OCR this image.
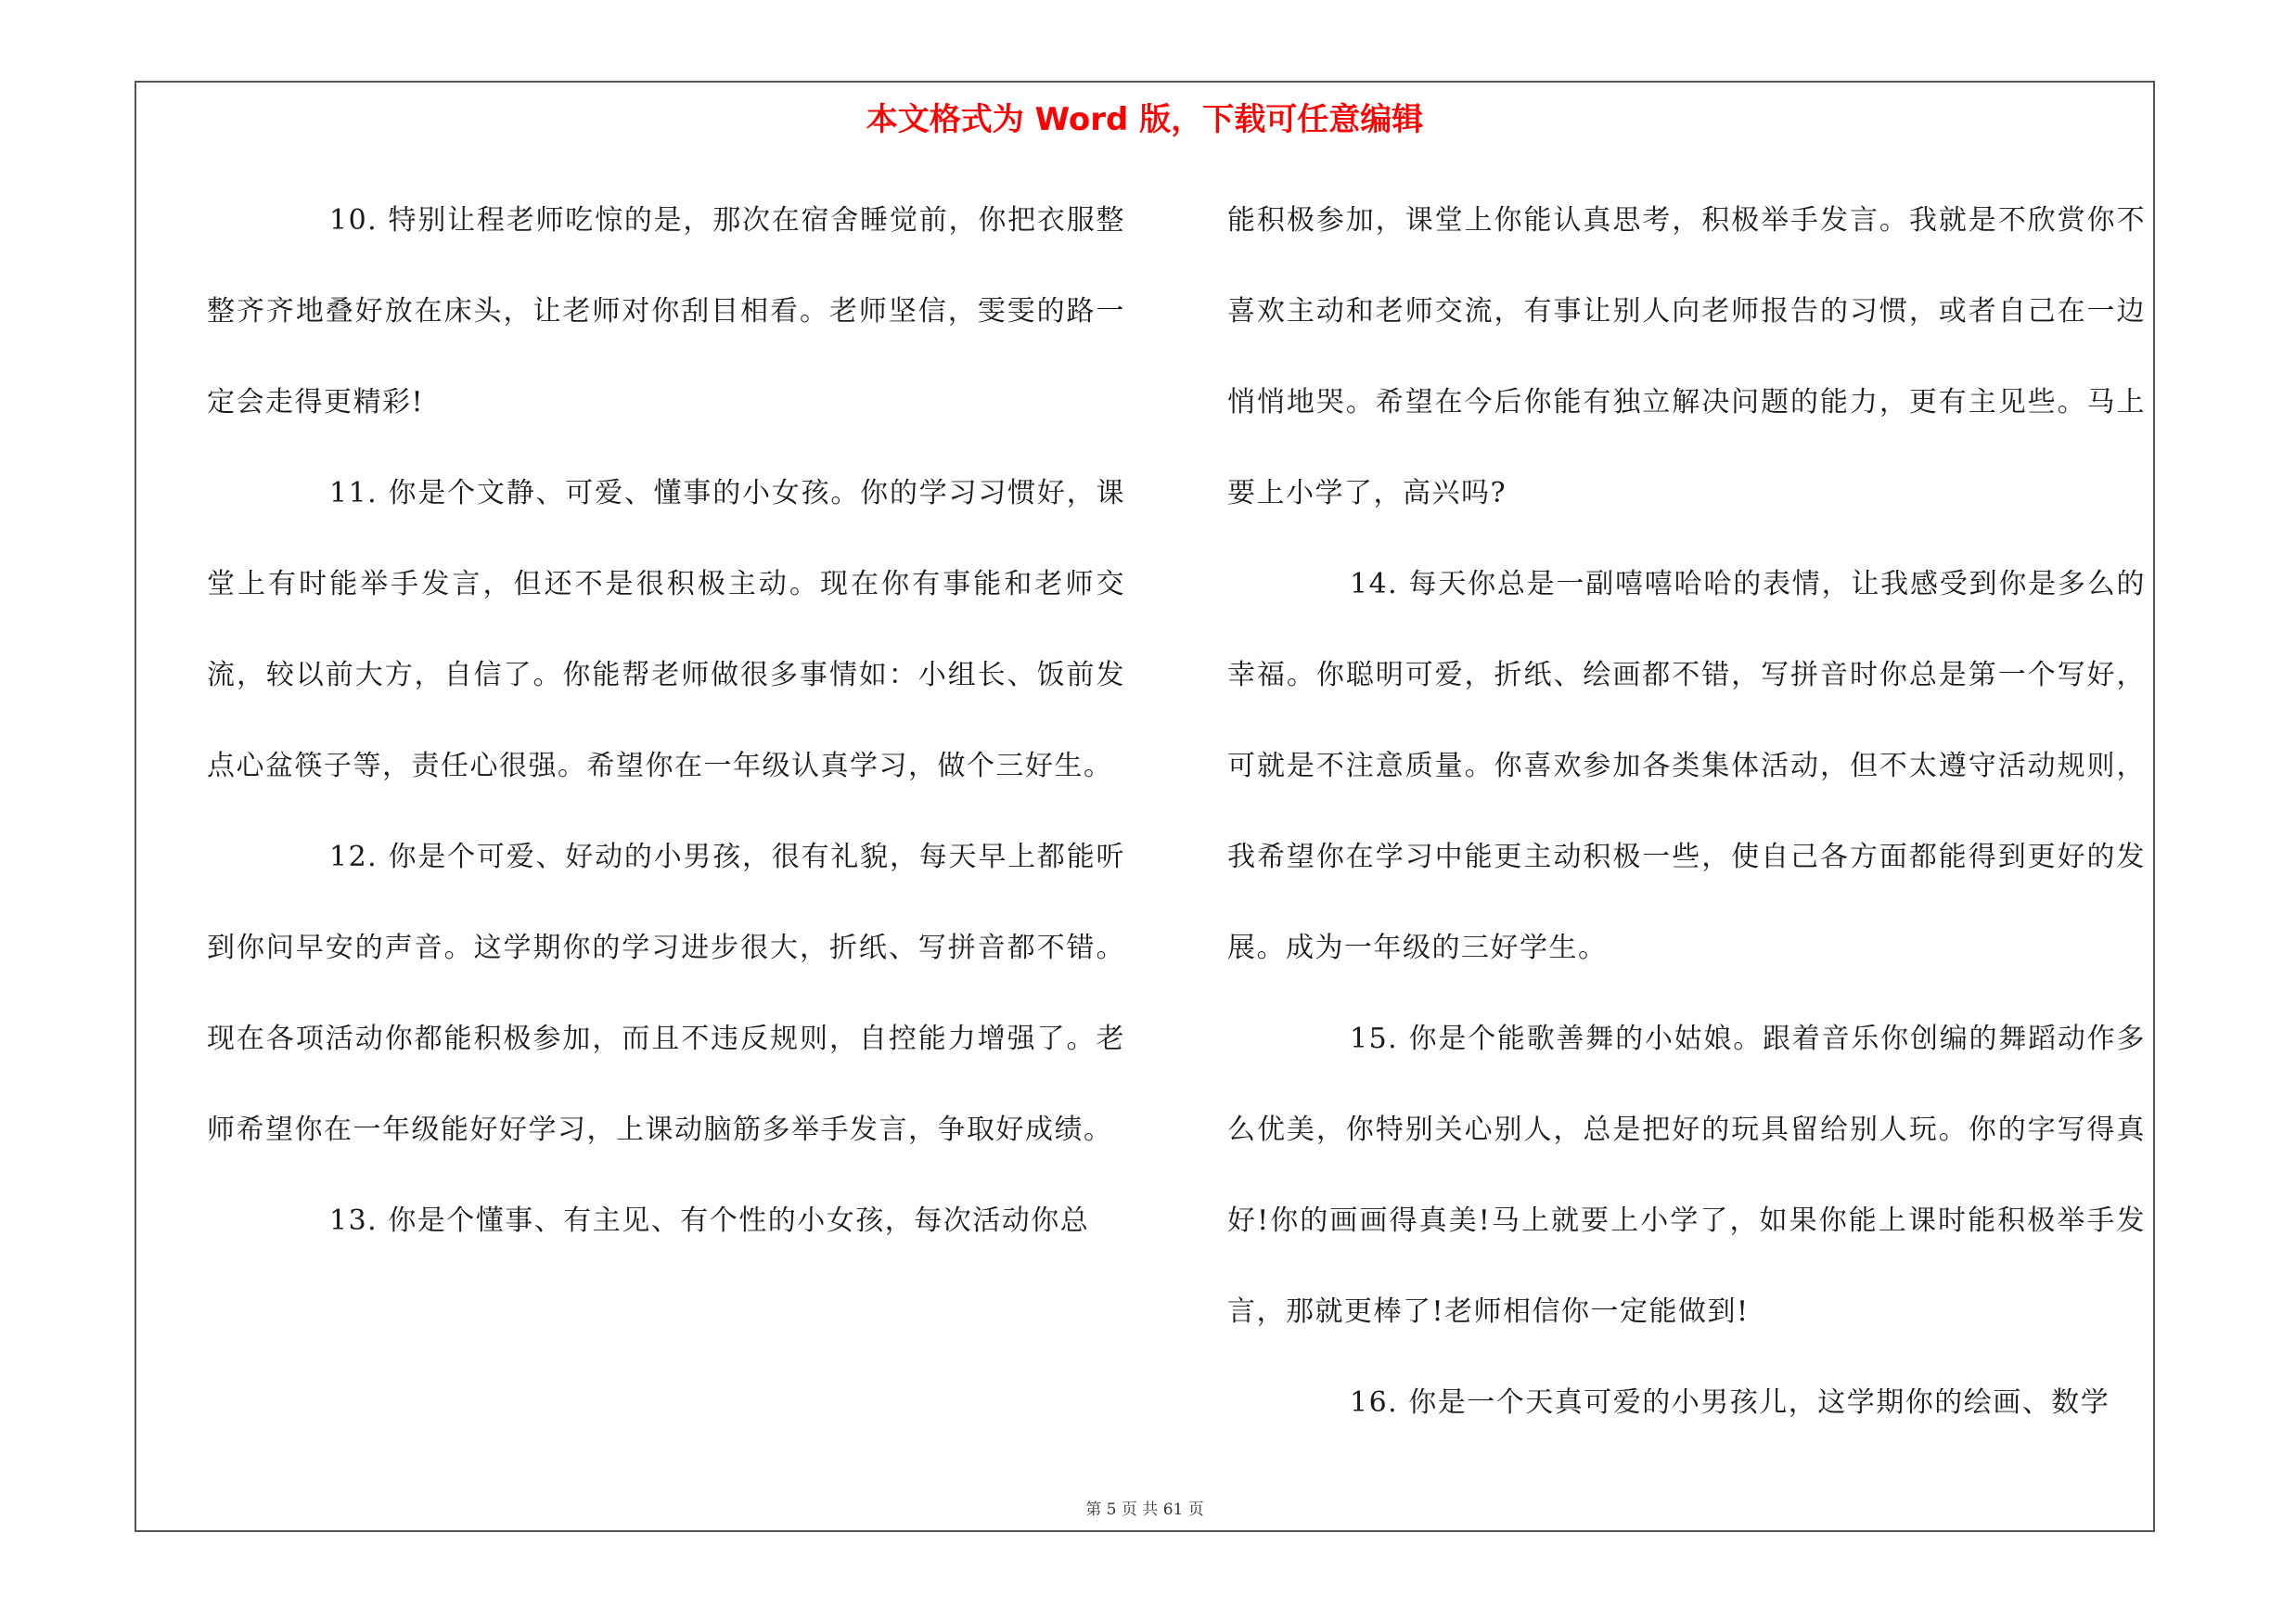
本文格式为 Word 版，下载可任意编辑

10. 特别让程老师吃惊的是，那次在宿舍睡觉前，你把衣服整整齐齐地叠好放在床头，让老师对你刮目相看。老师坚信，雯雯的路一定会走得更精彩!

11. 你是个文静、可爱、懂事的小女孩。你的学习习惯好，课堂上有时能举手发言，但还不是很积极主动。现在你有事能和老师交流，较以前大方，自信了。你能帮老师做很多事情如：小组长、饭前发点心盆筷子等，责任心很强。希望你在一年级认真学习，做个三好生。

12. 你是个可爱、好动的小男孩，很有礼貌，每天早上都能听到你问早安的声音。这学期你的学习进步很大，折纸、写拼音都不错。现在各项活动你都能积极参加，而且不违反规则，自控能力增强了。老师希望你在一年级能好好学习，上课动脑筋多举手发言，争取好成绩。

13. 你是个懂事、有主见、有个性的小女孩，每次活动你总

能积极参加，课堂上你能认真思考，积极举手发言。我就是不欣赏你不喜欢主动和老师交流，有事让别人向老师报告的习惯，或者自己在一边悄悄地哭。希望在今后你能有独立解决问题的能力，更有主见些。马上要上小学了，高兴吗?

14. 每天你总是一副嘻嘻哈哈的表情，让我感受到你是多么的幸福。你聪明可爱，折纸、绘画都不错，写拼音时你总是第一个写好，可就是不注意质量。你喜欢参加各类集体活动，但不太遵守活动规则，我希望你在学习中能更主动积极一些，使自己各方面都能得到更好的发展。成为一年级的三好学生。

15. 你是个能歌善舞的小姑娘。跟着音乐你创编的舞蹈动作多么优美，你特别关心别人，总是把好的玩具留给别人玩。你的字写得真好!你的画画得真美!马上就要上小学了，如果你能上课时能积极举手发言，那就更棒了!老师相信你一定能做到!

16. 你是一个天真可爱的小男孩儿，这学期你的绘画、数学

第 5 页 共 61 页
